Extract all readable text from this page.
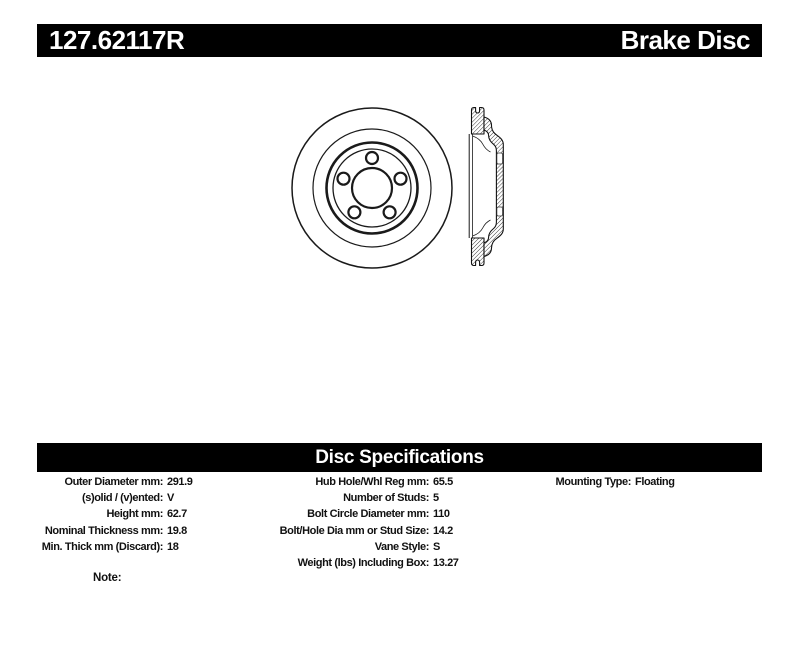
127.62117R	Brake Disc
Disc Specifications
Outer Diameter mm : 291.9
(s)olid / (v)ented : V
Height mm : 62.7
Nominal Thickness mm : 19.8
Min. Thick mm (Discard) : 18
Hub Hole/Whl Reg mm : 65.5
Number of Studs : 5
Bolt Circle Diameter mm : 110
Bolt/Hole Dia mm or Stud Size : 14.2
Vane Style : S
Weight (lbs) Including Box : 13.27
Mounting Type : Floating
Note:
